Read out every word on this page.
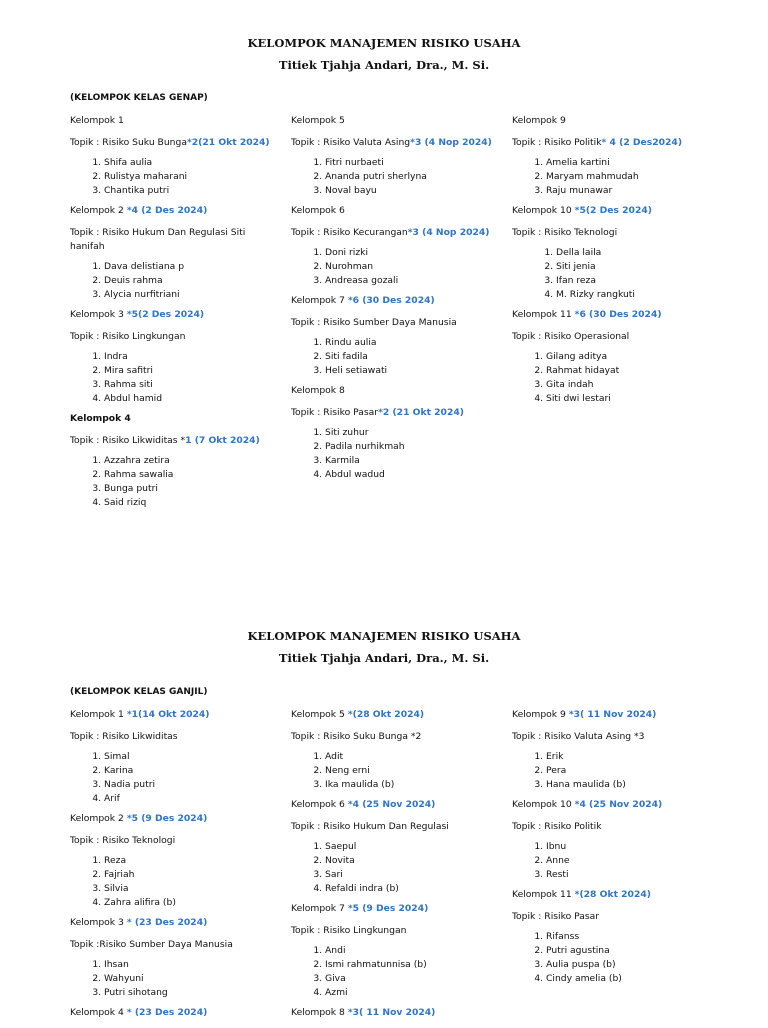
KELOMPOK MANAJEMEN RISIKO USAHA
Titiek Tjahja Andari, Dra., M. Si.
(KELOMPOK KELAS GENAP)
Kelompok 1
Topik : Risiko Suku Bunga*2(21 Okt 2024)
1. Shifa aulia
2. Rulistya maharani
3. Chantika putri
Kelompok 2 *4 (2 Des 2024)
Topik : Risiko Hukum Dan Regulasi Siti hanifah
1. Dava delistiana p
2. Deuis rahma
3. Alycia nurfitriani
Kelompok 3 *5(2 Des 2024)
Topik : Risiko Lingkungan
1. Indra
2. Mira safitri
3. Rahma siti
4. Abdul hamid
Kelompok 4
Topik : Risiko Likwiditas *1 (7 Okt 2024)
1. Azzahra zetira
2. Rahma sawalia
3. Bunga putri
4. Said riziq
Kelompok 5
Topik : Risiko Valuta Asing*3 (4 Nop 2024)
1. Fitri nurbaeti
2. Ananda putri sherlyna
3. Noval bayu
Kelompok 6
Topik : Risiko Kecurangan*3 (4 Nop 2024)
1. Doni rizki
2. Nurohman
3. Andreasa gozali
Kelompok 7 *6 (30 Des 2024)
Topik : Risiko Sumber Daya Manusia
1. Rindu aulia
2. Siti fadila
3. Heli setiawati
Kelompok 8
Topik : Risiko Pasar*2 (21 Okt 2024)
1. Siti zuhur
2. Padila nurhikmah
3. Karmila
4. Abdul wadud
Kelompok 9
Topik : Risiko Politik* 4 (2 Des2024)
1. Amelia kartini
2. Maryam mahmudah
3. Raju munawar
Kelompok 10 *5(2 Des 2024)
Topik : Risiko Teknologi
1. Della laila
2. Siti jenia
3. Ifan reza
4. M. Rizky rangkuti
Kelompok 11 *6 (30 Des 2024)
Topik : Risiko Operasional
1. Gilang aditya
2. Rahmat hidayat
3. Gita indah
4. Siti dwi lestari
KELOMPOK MANAJEMEN RISIKO USAHA
Titiek Tjahja Andari, Dra., M. Si.
(KELOMPOK KELAS GANJIL)
Kelompok 1 *1(14 Okt 2024)
Topik : Risiko Likwiditas
1. Simal
2. Karina
3. Nadia putri
4. Arif
Kelompok 2 *5 (9 Des 2024)
Topik : Risiko Teknologi
1. Reza
2. Fajriah
3. Silvia
4. Zahra alifira (b)
Kelompok 3 * (23 Des 2024)
Topik :Risiko Sumber Daya Manusia
1. Ihsan
2. Wahyuni
3. Putri sihotang
Kelompok 4 * (23 Des 2024)
Kelompok 5 *(28 Okt 2024)
Topik : Risiko Suku Bunga *2
1. Adit
2. Neng erni
3. Ika maulida (b)
Kelompok 6 *4 (25 Nov 2024)
Topik : Risiko Hukum Dan Regulasi
1. Saepul
2. Novita
3. Sari
4. Refaldi indra (b)
Kelompok 7 *5 (9 Des 2024)
Topik : Risiko Lingkungan
1. Andi
2. Ismi rahmatunnisa (b)
3. Giva
4. Azmi
Kelompok 8 *3( 11 Nov 2024)
Kelompok 9 *3( 11 Nov 2024)
Topik : Risiko Valuta Asing *3
1. Erik
2. Pera
3. Hana maulida (b)
Kelompok 10 *4 (25 Nov 2024)
Topik : Risiko Politik
1. Ibnu
2. Anne
3. Resti
Kelompok 11 *(28 Okt 2024)
Topik : Risiko Pasar
1. Rifanss
2. Putri agustina
3. Aulia puspa (b)
4. Cindy amelia (b)
